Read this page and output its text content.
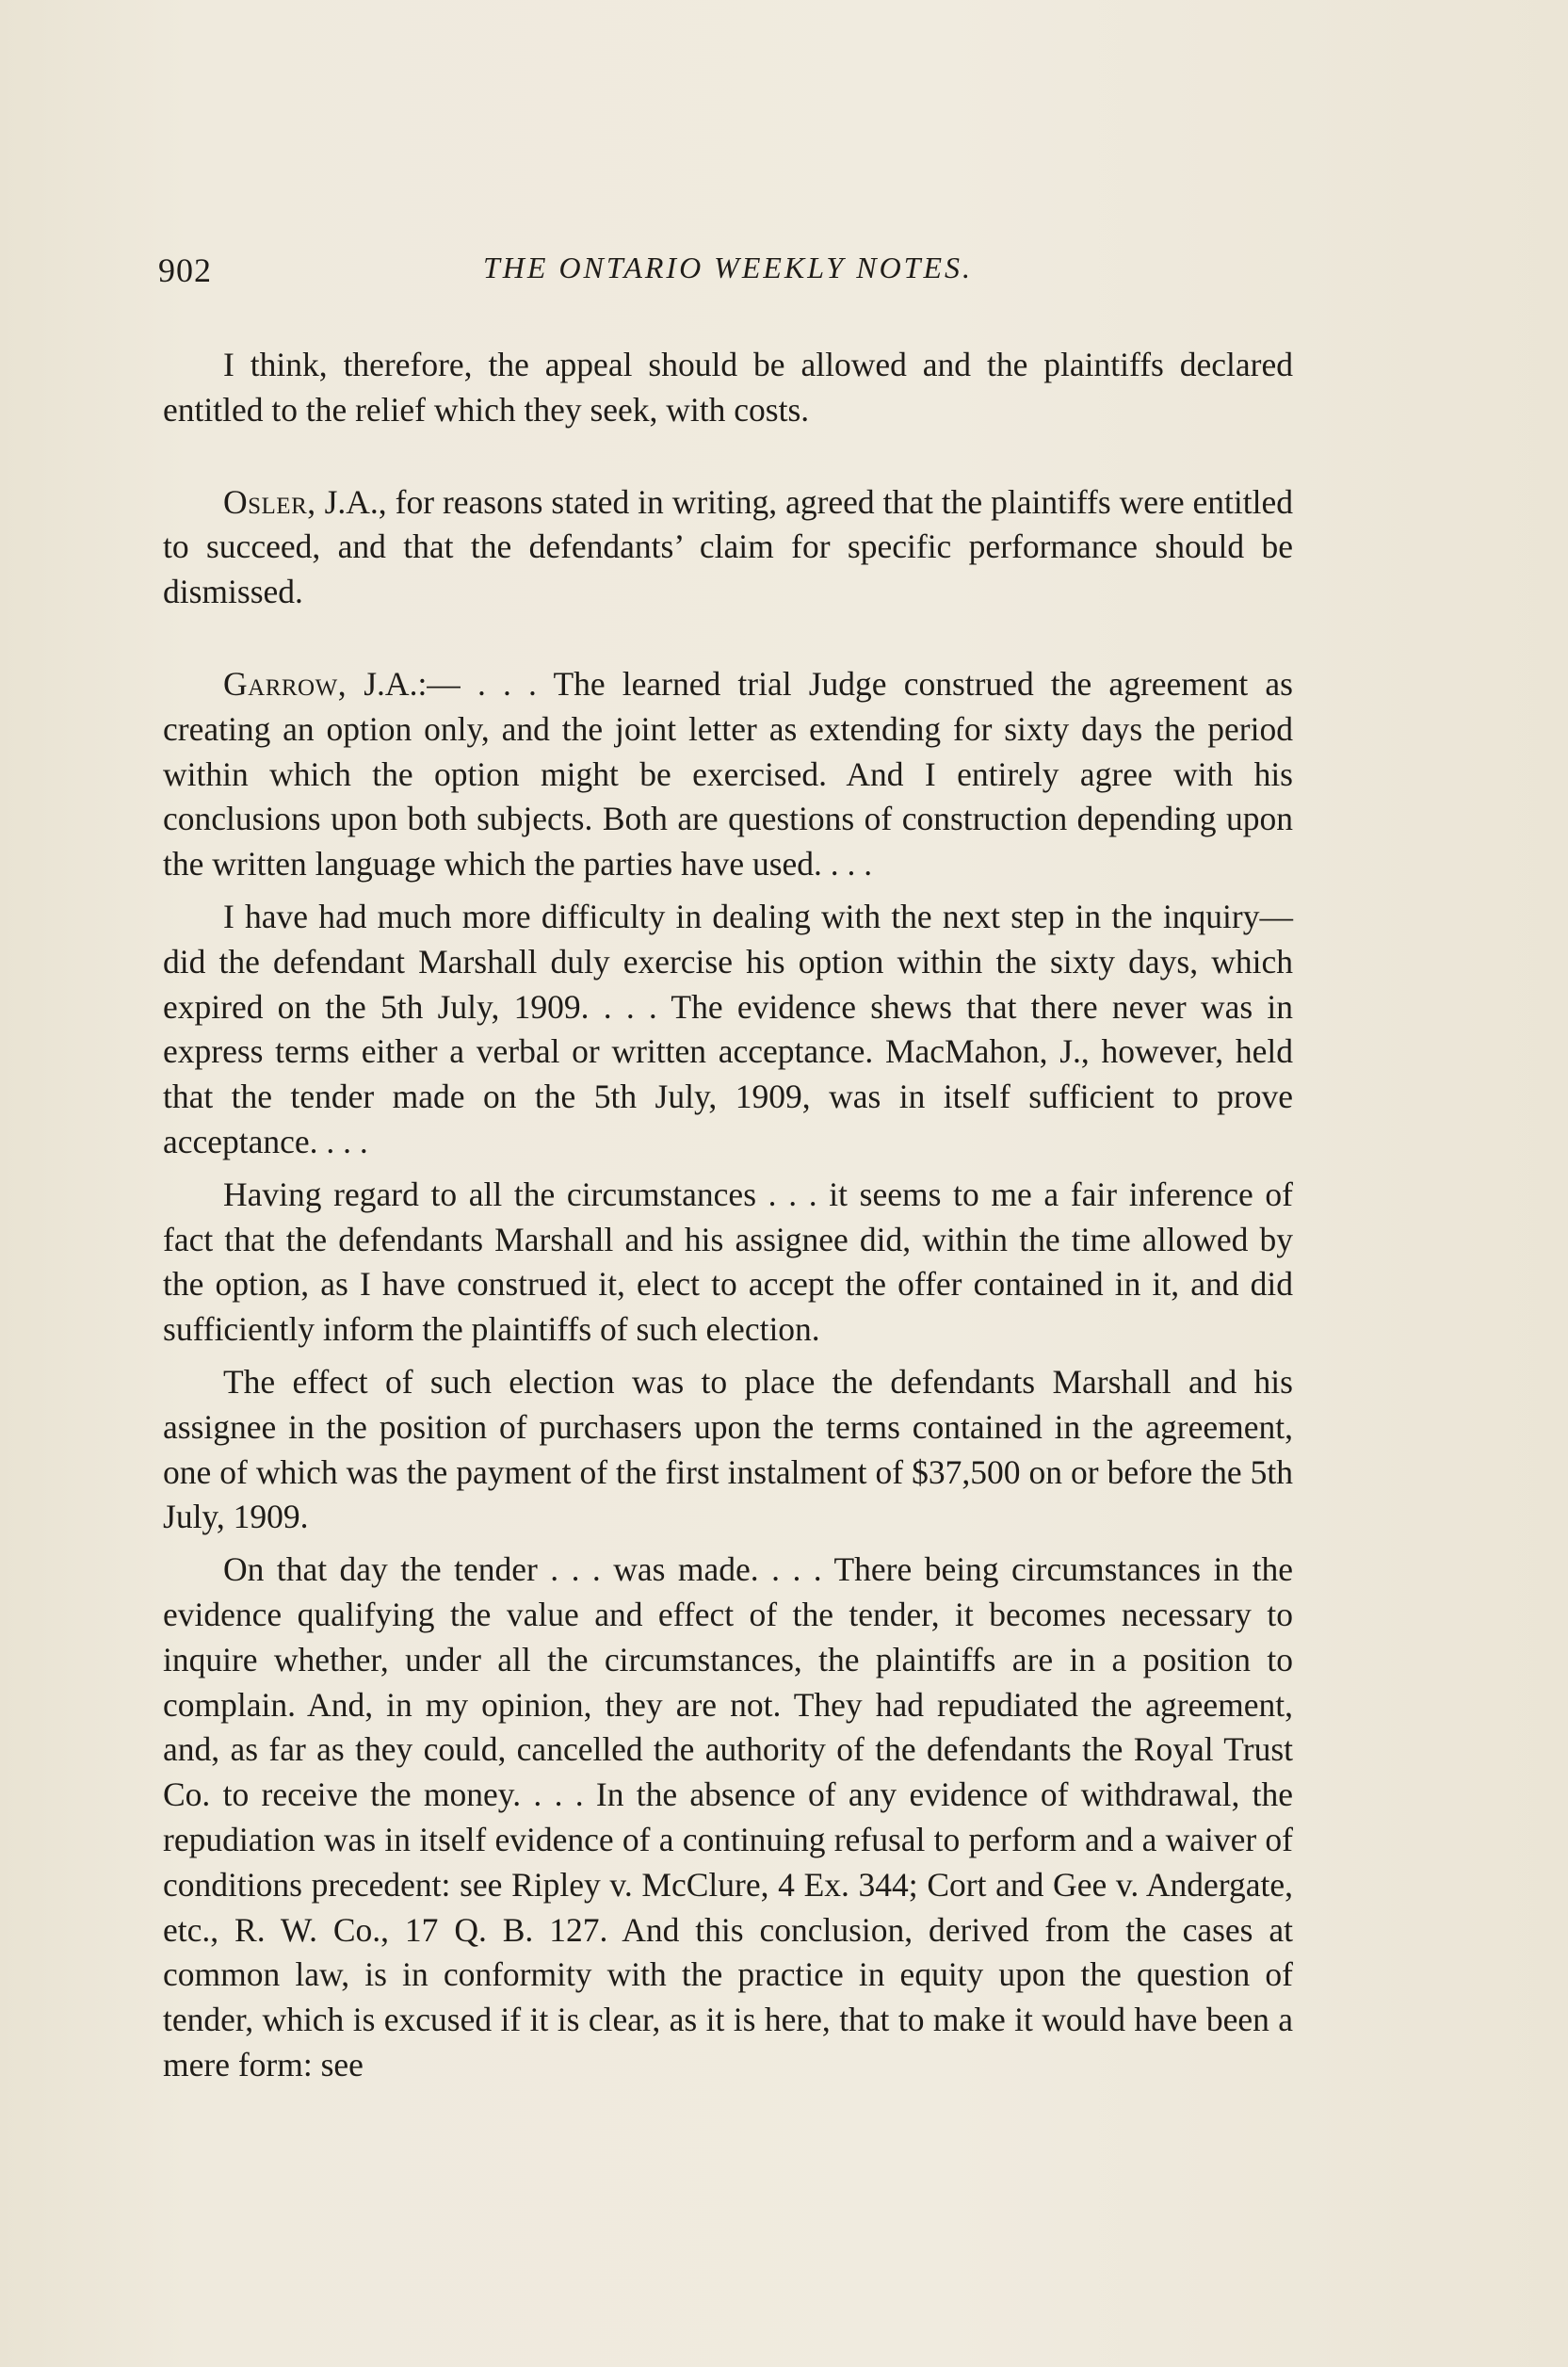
902	THE ONTARIO WEEKLY NOTES.

I think, therefore, the appeal should be allowed and the plaintiffs declared entitled to the relief which they seek, with costs.

Osler, J.A., for reasons stated in writing, agreed that the plaintiffs were entitled to succeed, and that the defendants’ claim for specific performance should be dismissed.

Garrow, J.A.:— . . . The learned trial Judge construed the agreement as creating an option only, and the joint letter as extending for sixty days the period within which the option might be exercised. And I entirely agree with his conclusions upon both subjects. Both are questions of construction depending upon the written language which the parties have used. . . .

I have had much more difficulty in dealing with the next step in the inquiry—did the defendant Marshall duly exercise his option within the sixty days, which expired on the 5th July, 1909. . . . The evidence shews that there never was in express terms either a verbal or written acceptance. MacMahon, J., however, held that the tender made on the 5th July, 1909, was in itself sufficient to prove acceptance. . . .

Having regard to all the circumstances . . . it seems to me a fair inference of fact that the defendants Marshall and his assignee did, within the time allowed by the option, as I have construed it, elect to accept the offer contained in it, and did sufficiently inform the plaintiffs of such election.

The effect of such election was to place the defendants Marshall and his assignee in the position of purchasers upon the terms contained in the agreement, one of which was the payment of the first instalment of $37,500 on or before the 5th July, 1909.

On that day the tender . . . was made. . . . There being circumstances in the evidence qualifying the value and effect of the tender, it becomes necessary to inquire whether, under all the circumstances, the plaintiffs are in a position to complain. And, in my opinion, they are not. They had repudiated the agreement, and, as far as they could, cancelled the authority of the defendants the Royal Trust Co. to receive the money. . . . In the absence of any evidence of withdrawal, the repudiation was in itself evidence of a continuing refusal to perform and a waiver of conditions precedent: see Ripley v. McClure, 4 Ex. 344; Cort and Gee v. Andergate, etc., R. W. Co., 17 Q. B. 127. And this conclusion, derived from the cases at common law, is in conformity with the practice in equity upon the question of tender, which is excused if it is clear, as it is here, that to make it would have been a mere form: see
